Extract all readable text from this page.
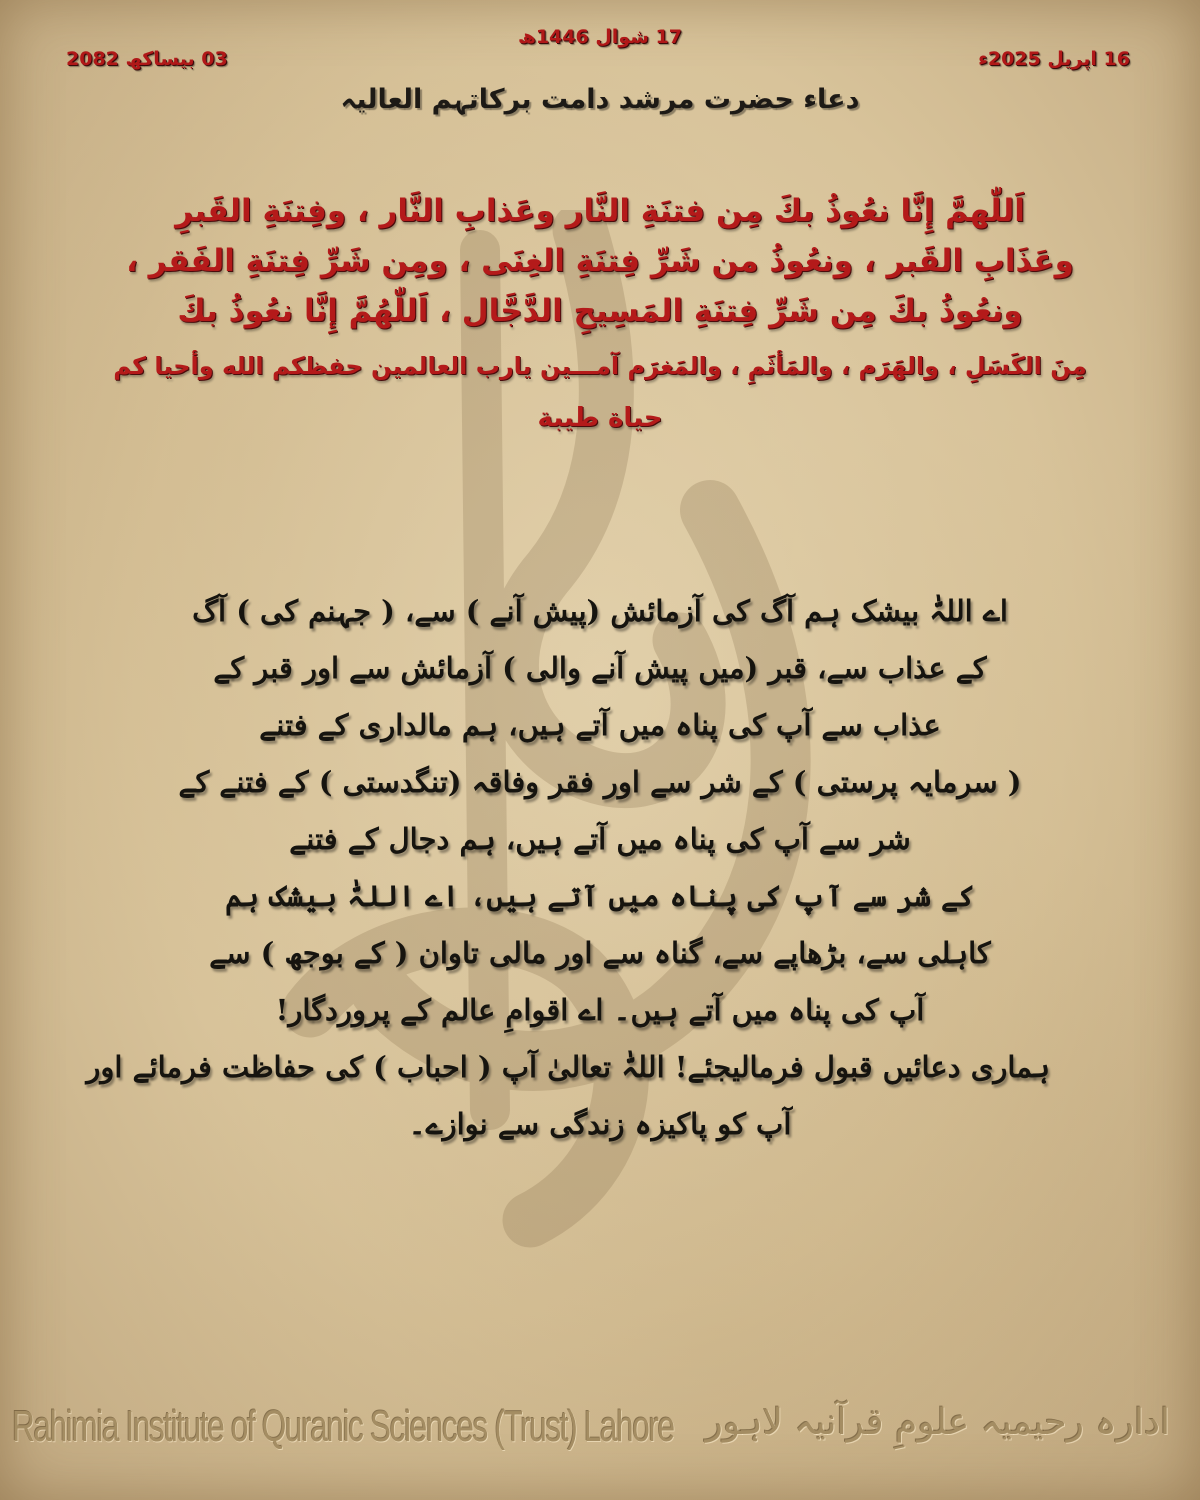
17 شوال 1446ھ
16 اپریل 2025ء
03 بیساکھ 2082
دعاء حضرت مرشد دامت برکاتہم العالیہ
اَللّٰهمَّ إِنَّا نعُوذُ بكَ مِن فتنَةِ النَّار وعَذابِ النَّار ، وفِتنَةِ القَبرِ
وعَذَابِ القَبر ، ونعُوذُ من شَرِّ فِتنَةِ الغِنَى ، ومِن شَرِّ فِتنَةِ الفَقر ،
ونعُوذُ بكَ مِن شَرِّ فِتنَةِ المَسِيحِ الدَّجَّال ، اَللّٰهُمَّ إِنَّا نعُوذُ بكَ
مِنَ الكَسَلِ ، والهَرَم ، والمَأثَمِ ، والمَغرَم آمـــين يارب العالمين حفظكم الله وأحيا كم
حياة طيبة
اے اللہّٰ بیشک ہم آگ کی آزمائش (پیش آنے ) سے، ( جہنم کی ) آگ
کے عذاب سے، قبر (میں پیش آنے والی ) آزمائش سے اور قبر کے
عذاب سے آپ کی پناہ میں آتے ہیں، ہم مالداری کے فتنے
( سرمایہ پرستی ) کے شر سے اور فقر وفاقہ (تنگدستی ) کے فتنے کے
شر سے آپ کی پناہ میں آتے ہیں، ہم دجال کے فتنے
کے شر سے آپ کی پناہ میں آتے ہیں، اے اللہّٰ بیشک ہم
کاہلی سے، بڑھاپے سے، گناہ سے اور مالی تاوان ( کے بوجھ ) سے
آپ کی پناہ میں آتے ہیں۔ اے اقوامِ عالم کے پروردگار!
ہماری دعائیں قبول فرمالیجئے! اللہّٰ تعالیٰ آپ ( احباب ) کی حفاظت فرمائے اور
آپ کو پاکیزہ زندگی سے نوازے۔
Rahimia Institute of Quranic Sciences (Trust) Lahore ادارہ رحیمیہ علومِ قرآنیہ لاہور
